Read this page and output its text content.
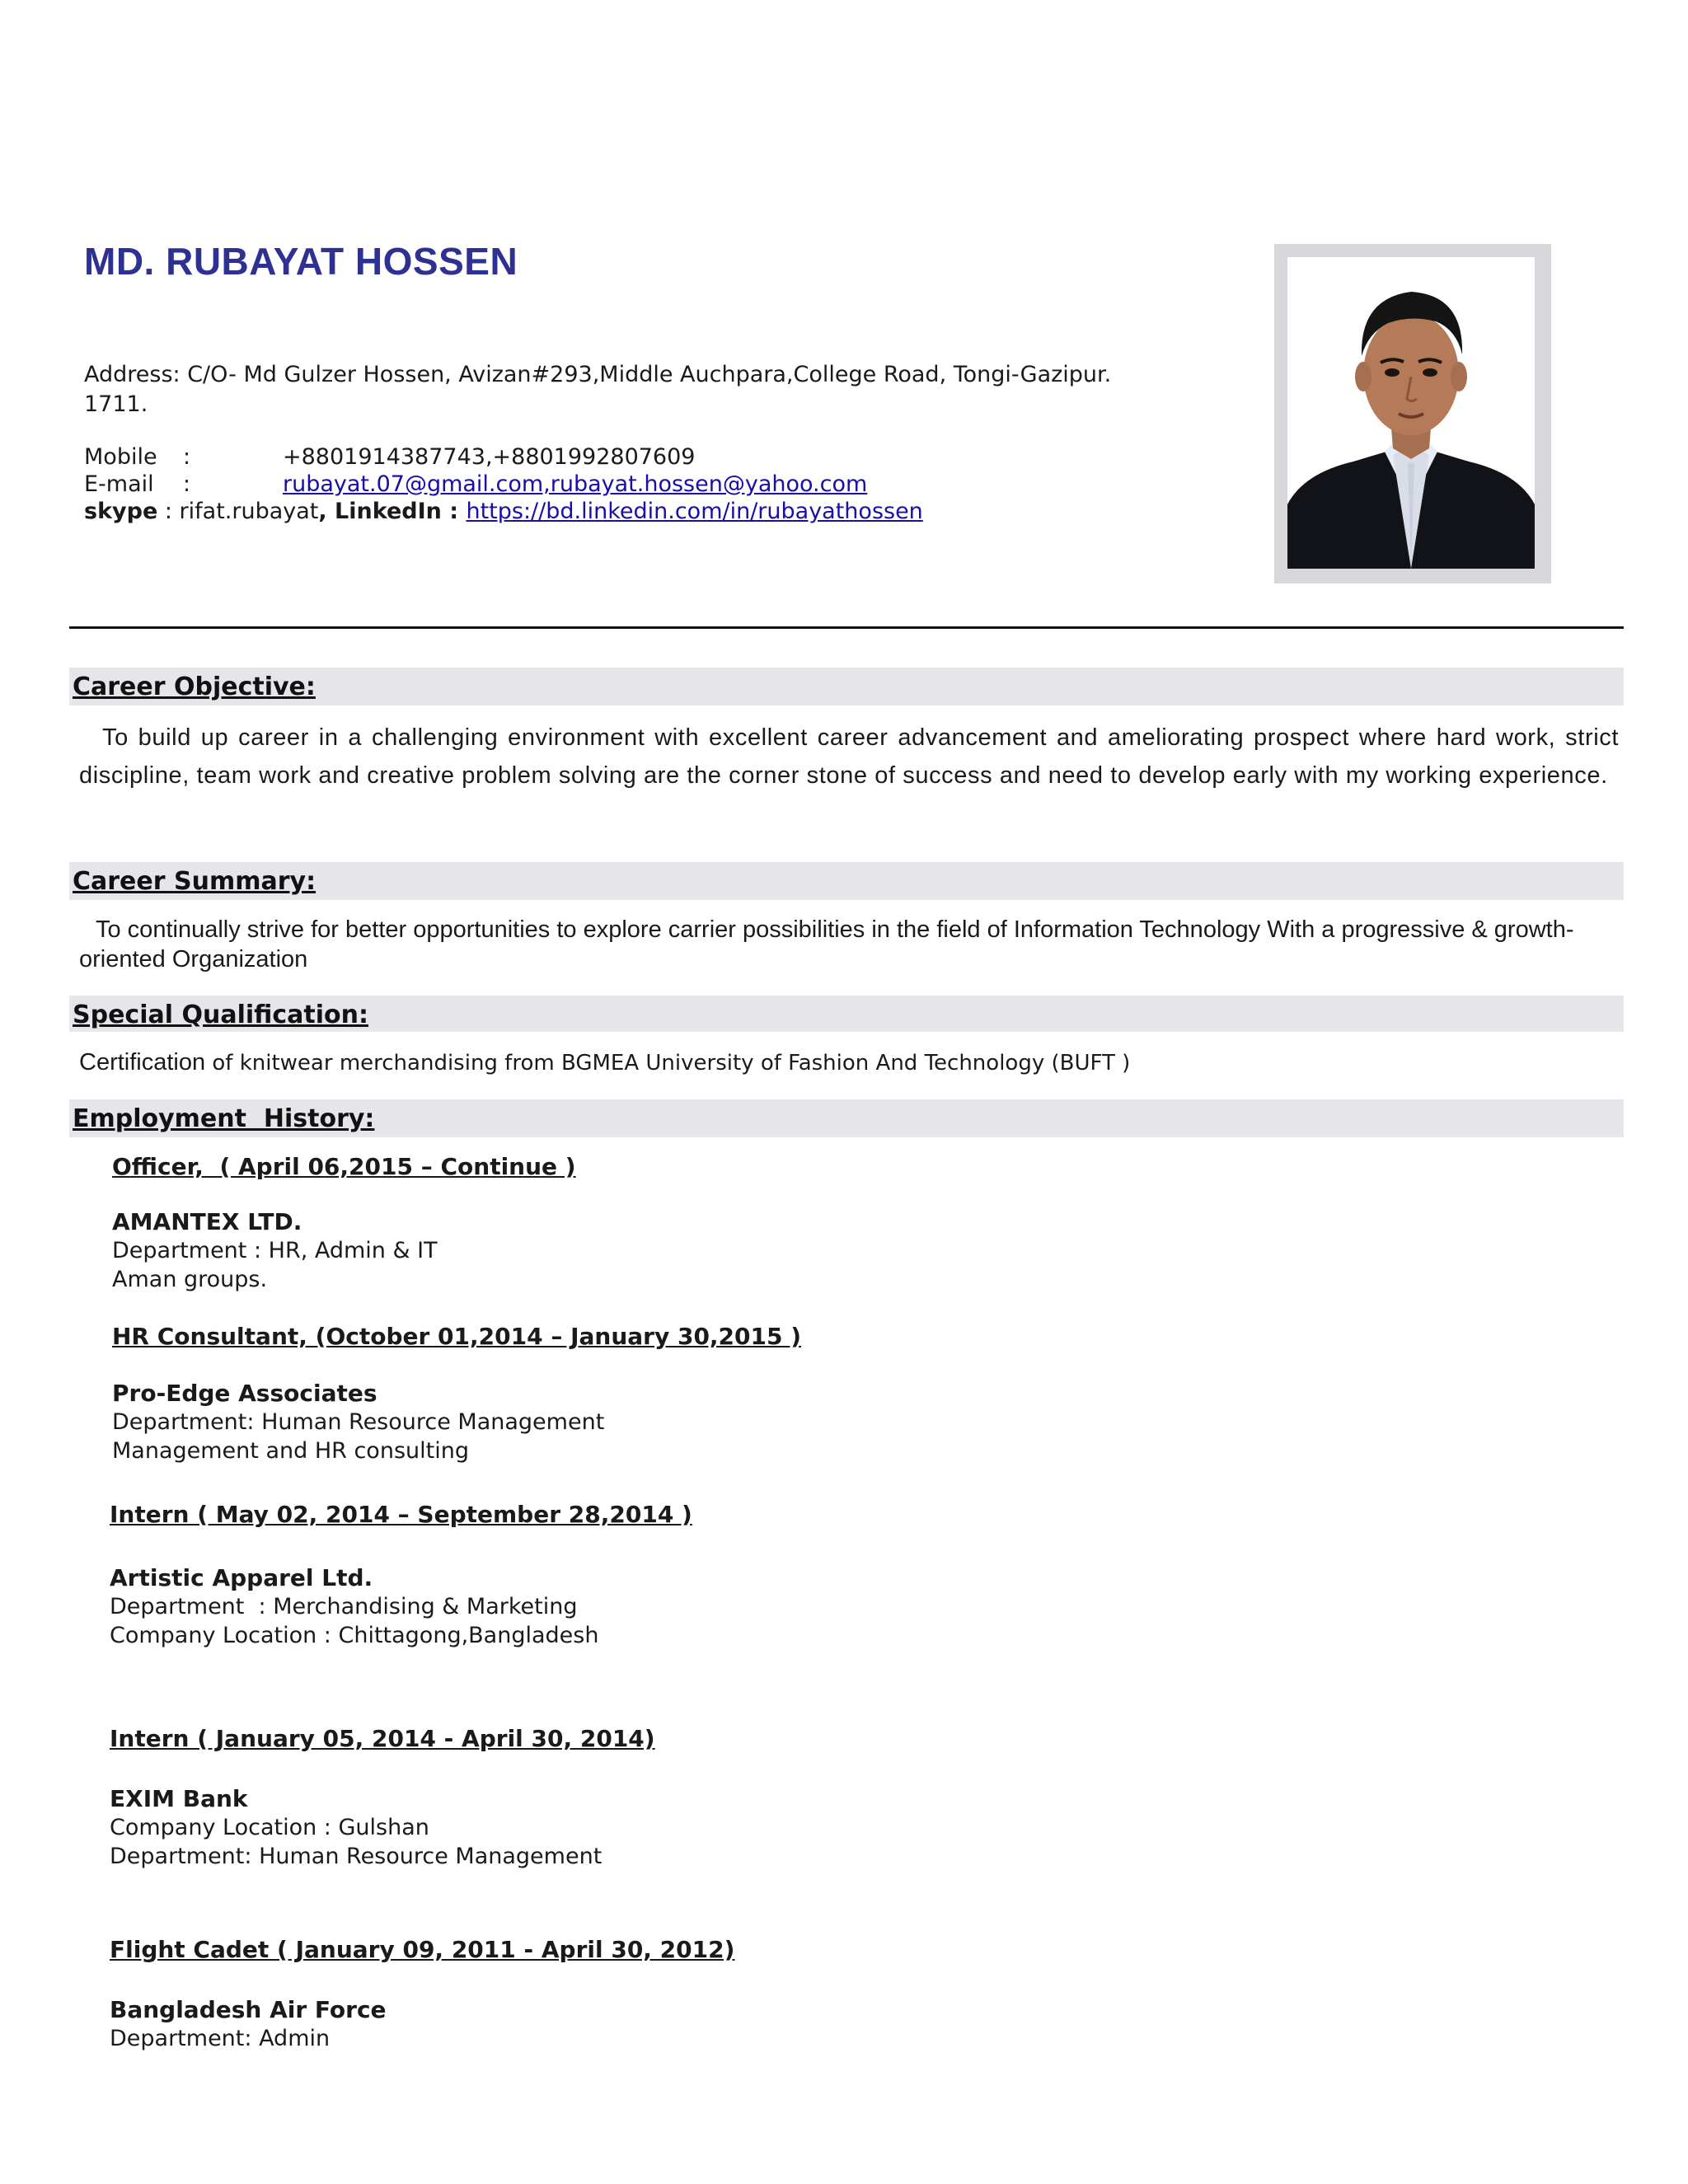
MD. RUBAYAT HOSSEN
Address: C/O- Md Gulzer Hossen, Avizan#293,Middle Auchpara,College Road, Tongi-Gazipur.
1711.
Mobile	:	+8801914387743,+8801992807609
E-mail	:	rubayat.07@gmail.com,rubayat.hossen@yahoo.com
skype : rifat.rubayat , LinkedIn : https://bd.linkedin.com/in/rubayathossen
Career Objective:
To build up career in a challenging environment with excellent career advancement and ameliorating prospect where hard work, strict discipline, team work and creative problem solving are the corner stone of success and need to develop early with my working experience.
Career Summary:
To continually strive for better opportunities to explore carrier possibilities in the field of Information Technology With a progressive & growth-oriented Organization
Special Qualification:
Certification of knitwear merchandising from BGMEA University of Fashion And Technology (BUFT )
Employment  History:
Officer,  ( April 06,2015 – Continue )
AMANTEX LTD.
Department : HR, Admin & IT
Aman groups.
HR Consultant, (October 01,2014 – January 30,2015 )
Pro-Edge Associates
Department: Human Resource Management
Management and HR consulting
Intern ( May 02, 2014 – September 28,2014 )
Artistic Apparel Ltd.
Department  : Merchandising & Marketing
Company Location : Chittagong,Bangladesh
Intern ( January 05, 2014 - April 30, 2014)
EXIM Bank
Company Location : Gulshan
Department: Human Resource Management
Flight Cadet ( January 09, 2011 - April 30, 2012)
Bangladesh Air Force
Department: Admin
